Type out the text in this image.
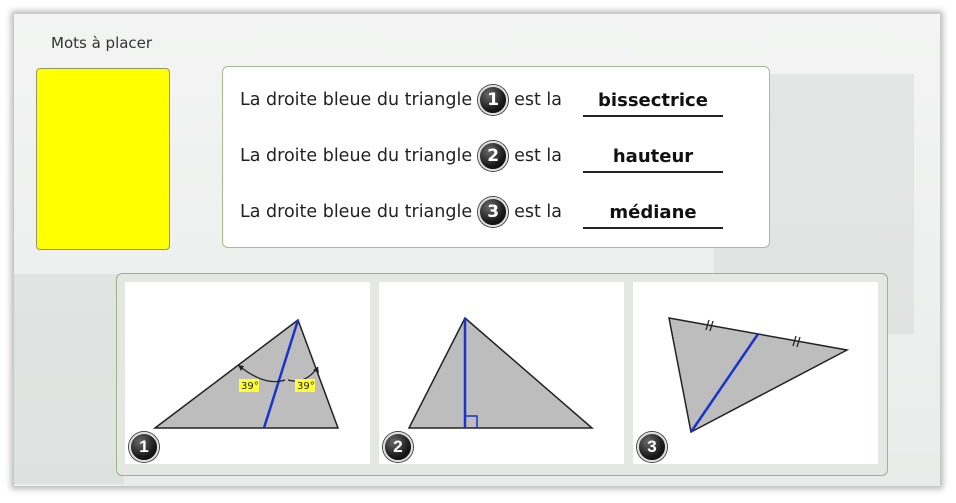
Mots à placer
La droite bleue du triangle 1 est la	bissectrice
La droite bleue du triangle 2 est la	hauteur
La droite bleue du triangle 3 est la	médiane
39°	39°
1	2	3
